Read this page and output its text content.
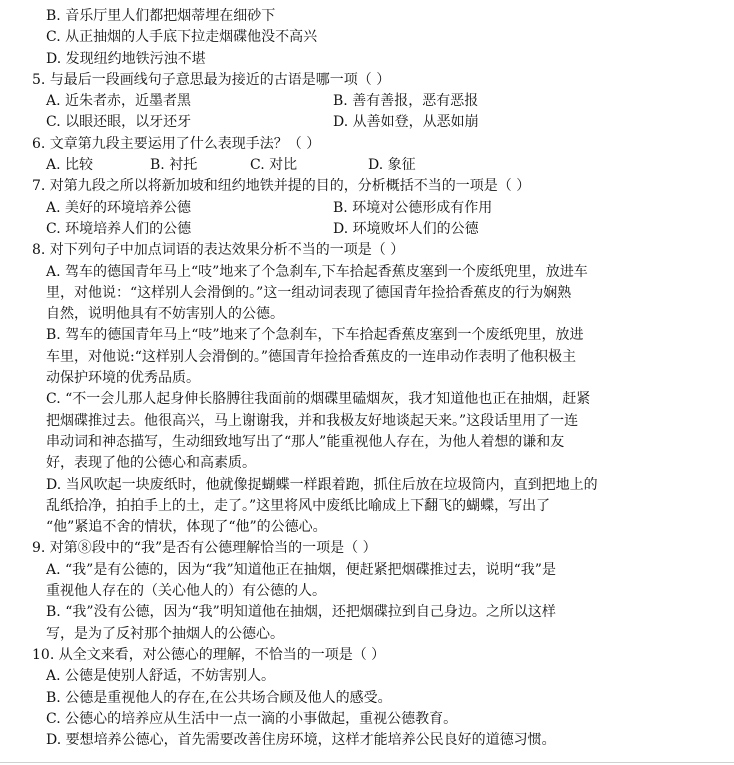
B. 音乐厅里人们都把烟蒂埋在细砂下
C. 从正抽烟的人手底下拉走烟碟他没不高兴
D. 发现纽约地铁污浊不堪
5. 与最后一段画线句子意思最为接近的古语是哪一项（ ）
A. 近朱者赤，近墨者黑	B. 善有善报，恶有恶报
C. 以眼还眼，以牙还牙	D. 从善如登，从恶如崩
6. 文章第九段主要运用了什么表现手法？（ ）
A. 比较	B. 衬托	C. 对比	D. 象征
7. 对第九段之所以将新加坡和纽约地铁并提的目的，分析概括不当的一项是（ ）
A. 美好的环境培养公德	B. 环境对公德形成有作用
C. 环境培养人们的公德	D. 环境败坏人们的公德
8. 对下列句子中加点词语的表达效果分析不当的一项是（ ）
A. 驾车的德国青年马上“吱”地来了个急刹车,下车拾起香蕉皮塞到一个废纸兜里，放进车
里，对他说：“这样别人会滑倒的。”这一组动词表现了德国青年捡拾香蕉皮的行为娴熟
自然，说明他具有不妨害别人的公德。
B. 驾车的德国青年马上“吱”地来了个急刹车，下车拾起香蕉皮塞到一个废纸兜里，放进
车里，对他说:“这样别人会滑倒的。”德国青年捡拾香蕉皮的一连串动作表明了他积极主
动保护环境的优秀品质。
C. “不一会儿那人起身伸长胳膊往我面前的烟碟里磕烟灰，我才知道他也正在抽烟，赶紧
把烟碟推过去。他很高兴，马上谢谢我，并和我极友好地谈起天来。”这段话里用了一连
串动词和神态描写，生动细致地写出了“那人”能重视他人存在，为他人着想的谦和友
好，表现了他的公德心和高素质。
D. 当风吹起一块废纸时，他就像捉蝴蝶一样跟着跑，抓住后放在垃圾筒内，直到把地上的
乱纸拾净，拍拍手上的土，走了。”这里将风中废纸比喻成上下翻飞的蝴蝶，写出了
“他”紧追不舍的情状，体现了“他”的公德心。
9. 对第⑧段中的“我”是否有公德理解恰当的一项是（ ）
A. “我”是有公德的，因为“我”知道他正在抽烟，便赶紧把烟碟推过去，说明“我”是
重视他人存在的（关心他人的）有公德的人。
B. “我”没有公德，因为“我”明知道他在抽烟，还把烟碟拉到自己身边。之所以这样
写，是为了反衬那个抽烟人的公德心。
10. 从全文来看，对公德心的理解，不恰当的一项是（ ）
A. 公德是使别人舒适，不妨害别人。
B. 公德是重视他人的存在,在公共场合顾及他人的感受。
C. 公德心的培养应从生活中一点一滴的小事做起，重视公德教育。
D. 要想培养公德心，首先需要改善住房环境，这样才能培养公民良好的道德习惯。
